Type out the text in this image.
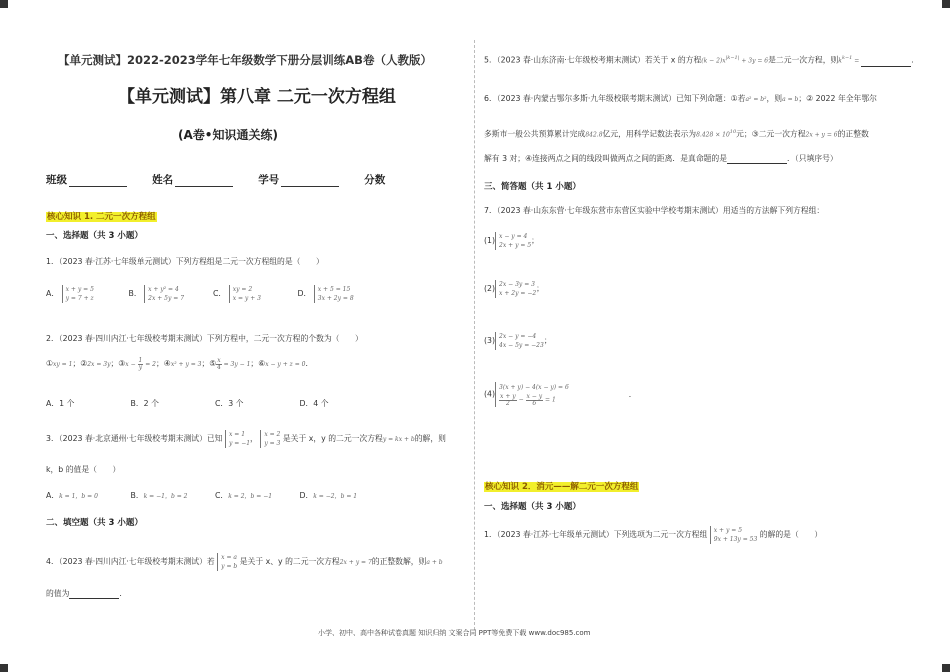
【单元测试】2022-2023学年七年级数学下册分层训练AB卷（人教版）
【单元测试】第八章 二元一次方程组
(A卷•知识通关练)
班级	姓名	学号	分数
核心知识 1. 二元一次方程组
一、选择题（共 3 小题）
1．（2023 春·江苏·七年级单元测试）下列方程组是二元一次方程组的是（　　）
A． x + y = 5
y = 7 + z B． x + y² = 4
2x + 5y = 7 C． xy = 2
x = y + 3 D． x + 5 = 15
3x + 2y = 8
2．（2023 春·四川内江·七年级校考期末测试）下列方程中，二元一次方程的个数为（　　）
①xy = 1；②2x = 3y；③x − $\frac{1}{y} = 2$；④x² + y = 3；$⑤\frac{x}{4} = 3y - 1$；⑥x − y + z = 0．
A．1 个	B．2 个	C．3 个	D．4 个
3．（2023 春·北京通州·七年级校考期末测试）已知 x = 1
y = −1， x = 2
y = 3 是关于 x，y 的二元一次方程y = kx + b的解，则
k，b 的值是（　　）
A．k = 1，b = 0	B．k = −1，b = 2	C．k = 2，b = −1	D．k = −2，b = 1
二、填空题（共 3 小题）
4．（2023 春·四川内江·七年级校考期末测试）若 x = a
y = b 是关于 x、y 的二元一次方程2x + y = 7的正整数解，则a + b
的值为	．
5．（2023 春·山东济南·七年级校考期末测试）若关于 x 的方程$(k - 2)x^{|k-1|} + 3y = 6$是二元一次方程，则$k^{k-1}$ =	．
6．（2023 春·内蒙古鄂尔多斯·九年级校联考期末测试）已知下列命题：①若a² = b²，则a = b；② 2022 年全年鄂尔
多斯市一般公共预算累计完成842.8亿元，用科学记数法表示为$8.428 \times 10^{10}$元；③二元一次方程2x + y = 6的正整数
解有 3 对；④连接两点之间的线段叫做两点之间的距离．是真命题的是	．（只填序号）
三、简答题（共 1 小题）
7．（2023 春·山东东营·七年级东营市东营区实验中学校考期末测试）用适当的方法解下列方程组：
(1) x − y = 4
2x + y = 5；
(2) 2x − 3y = 3
x + 2y = −2；
(3) 2x − y = −4
4x − 5y = −23；
(4)3(x + y) − 4(x − y) = 6
$\frac{x + y}{2} - \frac{x - y}{6} = 1$．
核心知识 2．消元——解二元一次方程组
一、选择题（共 3 小题）
1．（2023 春·江苏·七年级单元测试）下列选项为二元一次方程组 x + y = 5
9x + 13y = 53 的解的是（　　）
小学、初中、高中各种试卷真题 知识归纳 文案合同 PPT等免费下载 www.doc985.com
